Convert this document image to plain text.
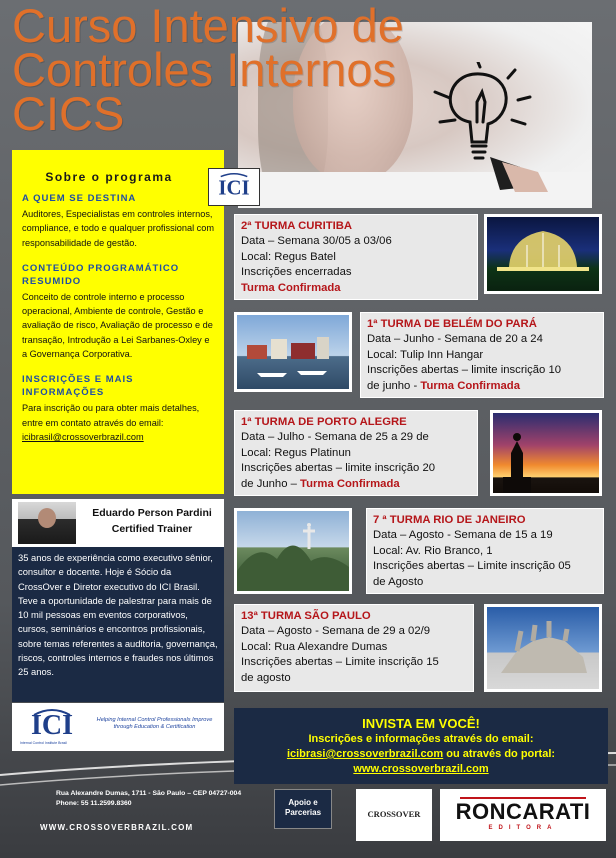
Curso Intensivo de
Controles Internos
CICS
Sobre o programa
A QUEM SE DESTINA
Auditores, Especialistas em controles internos, compliance, e todo e qualquer profissional com responsabilidade de gestão.
CONTEÚDO PROGRAMÁTICO RESUMIDO
Conceito de controle interno e processo operacional, Ambiente de controle, Gestão e avaliação de risco, Avaliação de processo e de transação, Introdução a Lei Sarbanes-Oxley e a Governança Corporativa.
INSCRIÇÕES E MAIS INFORMAÇÕES
Para inscrição ou para obter mais detalhes, entre em contato através do email: icibrasil@crossoverbrazil.com
ICI
Eduardo Person Pardini
Certified Trainer
35 anos de experiência como executivo sênior, consultor e docente. Hoje é Sócio da CrossOver e Diretor executivo do ICI Brasil. Teve a oportunidade de palestrar para mais de 10 mil pessoas em eventos corporativos, cursos, seminários e encontros profissionais, sobre temas referentes a auditoria, governança, riscos, controles internos e fraudes nos últimos 25 anos.
ICI	Helping Internal Control Professionals Improve through Education & Certification
Internal Control Institute Brasil
2ª TURMA CURITIBA
Data – Semana 30/05 a 03/06
Local: Regus Batel
Inscrições encerradas
Turma Confirmada
1ª TURMA DE BELÉM DO PARÁ
Data – Junho - Semana de 20 a 24
Local: Tulip Inn Hangar
Inscrições abertas – limite inscrição 10
de junho - Turma Confirmada
1ª TURMA DE PORTO ALEGRE
Data – Julho - Semana de 25 a 29 de
Local: Regus Platinun
Inscrições abertas – limite inscrição 20
de Junho – Turma Confirmada
7 ª TURMA RIO DE JANEIRO
Data – Agosto - Semana de 15 a 19
Local: Av. Rio Branco, 1
Inscrições abertas – Limite inscrição 05
de Agosto
13ª TURMA SÃO PAULO
Data – Agosto - Semana de 29 a 02/9
Local: Rua Alexandre Dumas
Inscrições abertas – Limite inscrição 15
de agosto
INVISTA EM VOCÊ!
Inscrições e informações através do email:
icibrasi@crossoverbrazil.com ou através do portal:
www.crossoverbrazil.com
Rua Alexandre Dumas, 1711 - São Paulo – CEP 04727-004
Phone: 55 11.2599.8360
WWW.CROSSOVERBRAZIL.COM
Apoio e Parcerias	CROSSOVER	RONCARATI
EDITORA
